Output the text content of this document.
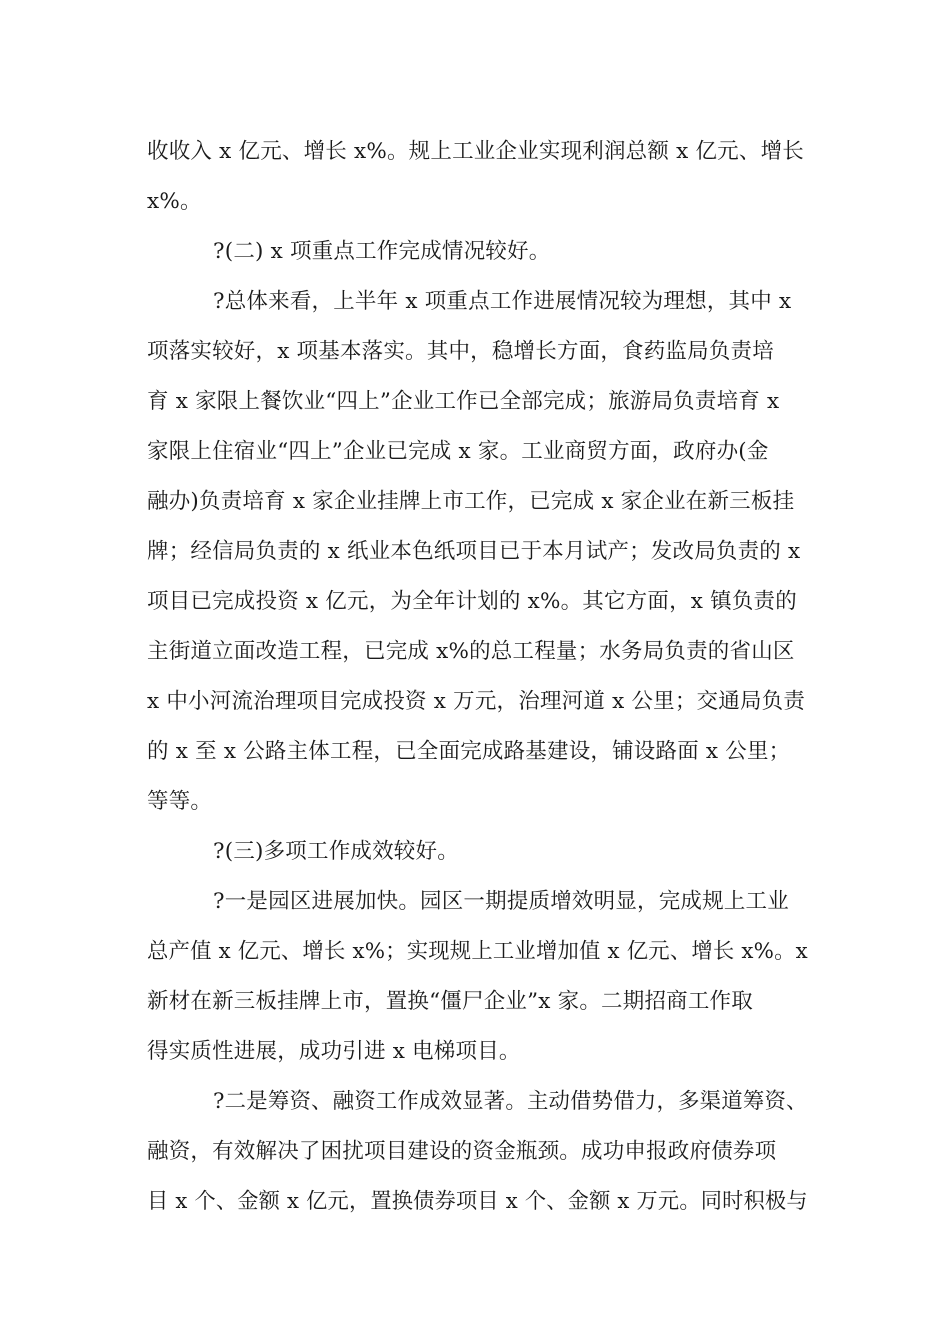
收收入 x 亿元、增长 x%。规上工业企业实现利润总额 x 亿元、增长
x%。
?(二) x 项重点工作完成情况较好。
?总体来看，上半年 x 项重点工作进展情况较为理想，其中 x
项落实较好，x 项基本落实。其中，稳增长方面，食药监局负责培
育 x 家限上餐饮业“四上”企业工作已全部完成；旅游局负责培育 x
家限上住宿业“四上”企业已完成 x 家。工业商贸方面，政府办(金
融办)负责培育 x 家企业挂牌上市工作，已完成 x 家企业在新三板挂
牌；经信局负责的 x 纸业本色纸项目已于本月试产；发改局负责的 x
项目已完成投资 x 亿元，为全年计划的 x%。其它方面，x 镇负责的
主街道立面改造工程，已完成 x%的总工程量；水务局负责的省山区
x 中小河流治理项目完成投资 x 万元，治理河道 x 公里；交通局负责
的 x 至 x 公路主体工程，已全面完成路基建设，铺设路面 x 公里；
等等。
?(三)多项工作成效较好。
?一是园区进展加快。园区一期提质增效明显，完成规上工业
总产值 x 亿元、增长 x%；实现规上工业增加值 x 亿元、增长 x%。x
新材在新三板挂牌上市，置换“僵尸企业”x 家。二期招商工作取
得实质性进展，成功引进 x 电梯项目。
?二是筹资、融资工作成效显著。主动借势借力，多渠道筹资、
融资，有效解决了困扰项目建设的资金瓶颈。成功申报政府债券项
目 x 个、金额 x 亿元，置换债券项目 x 个、金额 x 万元。同时积极与
